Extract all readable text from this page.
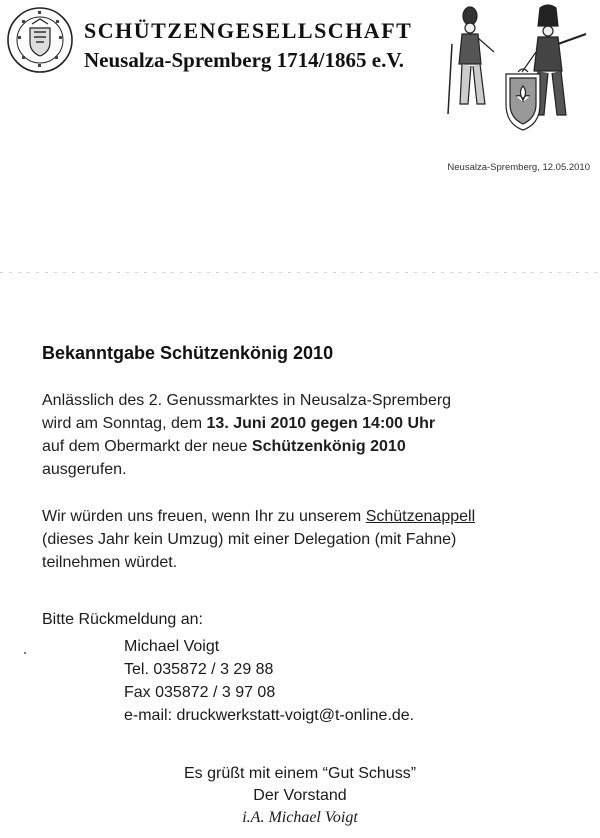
SCHÜTZENGESELLSCHAFT
Neusalza-Spremberg 1714/1865 e.V.
Neusalza-Spremberg, 12.05.2010
Bekanntgabe Schützenkönig 2010
Anlässlich des 2. Genussmarktes in Neusalza-Spremberg
wird am Sonntag, dem 13. Juni 2010 gegen 14:00 Uhr
auf dem Obermarkt der neue Schützenkönig 2010
ausgerufen.
Wir würden uns freuen, wenn Ihr zu unserem Schützenappell
(dieses Jahr kein Umzug) mit einer Delegation (mit Fahne)
teilnehmen würdet.
Bitte Rückmeldung an:
Michael Voigt
Tel. 035872 / 3 29 88
Fax 035872 / 3 97 08
e-mail: druckwerkstatt-voigt@t-online.de.
Es grüßt mit einem “Gut Schuss”
Der Vorstand
i.A. Michael Voigt
